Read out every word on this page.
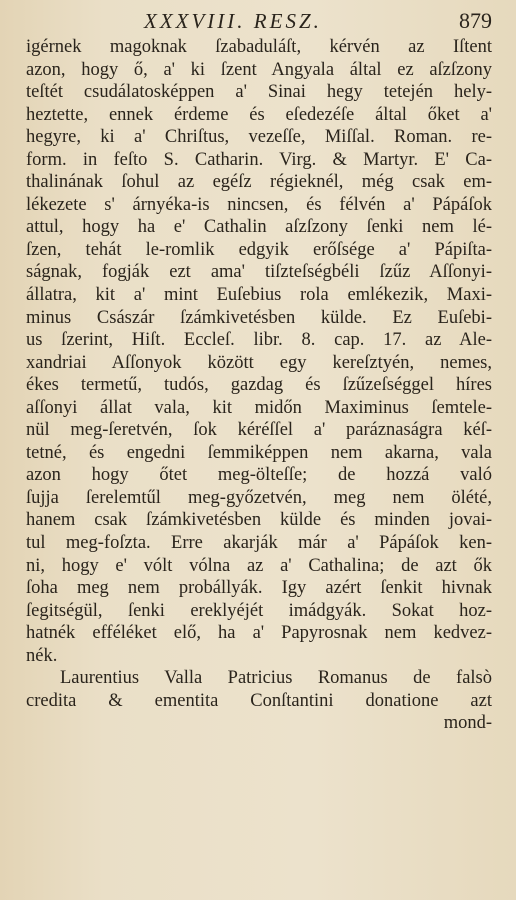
XXXVIII. RESZ.	879
igérnek magoknak ſzabaduláſt, kérvén az Iſtent
azon, hogy ő, a' ki ſzent Angyala által ez aſzſzony
teſtét csudálatosképpen a' Sinai hegy tetején hely-
heztette, ennek érdeme és eſedezéſe által őket a'
hegyre, ki a' Chriſtus, vezeſſe, Miſſal. Roman. re-
form. in feſto S. Catharin. Virg. & Martyr. E' Ca-
thalinának ſohul az egéſz régieknél, még csak em-
lékezete s' árnyéka-is nincsen, és félvén a' Pápáſok
attul, hogy ha e' Cathalin aſzſzony ſenki nem lé-
ſzen, tehát le-romlik edgyik erőſsége a' Pápiſta-
ságnak, fogják ezt ama' tiſzteſségbéli ſzűz Aſſonyi-
állatra, kit a' mint Euſebius rola emlékezik, Maxi-
minus Császár ſzámkivetésben külde. Ez Euſebi-
us ſzerint, Hiſt. Eccleſ. libr. 8. cap. 17. az Ale-
xandriai Aſſonyok között egy kereſztyén, nemes,
ékes termetű, tudós, gazdag és ſzűzeſséggel híres
aſſonyi állat vala, kit midőn Maximinus ſemtele-
nül meg-ſeretvén, ſok kéréſſel a' paráznaságra kéſ-
tetné, és engedni ſemmiképpen nem akarna, vala
azon hogy őtet meg-ölteſſe; de hozzá való
ſujja ſerelemtűl meg-győzetvén, meg nem ölété,
hanem csak ſzámkivetésben külde és minden jovai-
tul meg-foſzta. Erre akarják már a' Pápáſok ken-
ni, hogy e' vólt vólna az a' Cathalina; de azt ők
ſoha meg nem probállyák. Igy azért ſenkit hivnak
ſegitségül, ſenki ereklyéjét imádgyák. Sokat hoz-
hatnék efféléket elő, ha a' Papyrosnak nem kedvez-
nék.
Laurentius Valla Patricius Romanus de falsò
credita & ementita Conſtantini donatione azt
mond-
